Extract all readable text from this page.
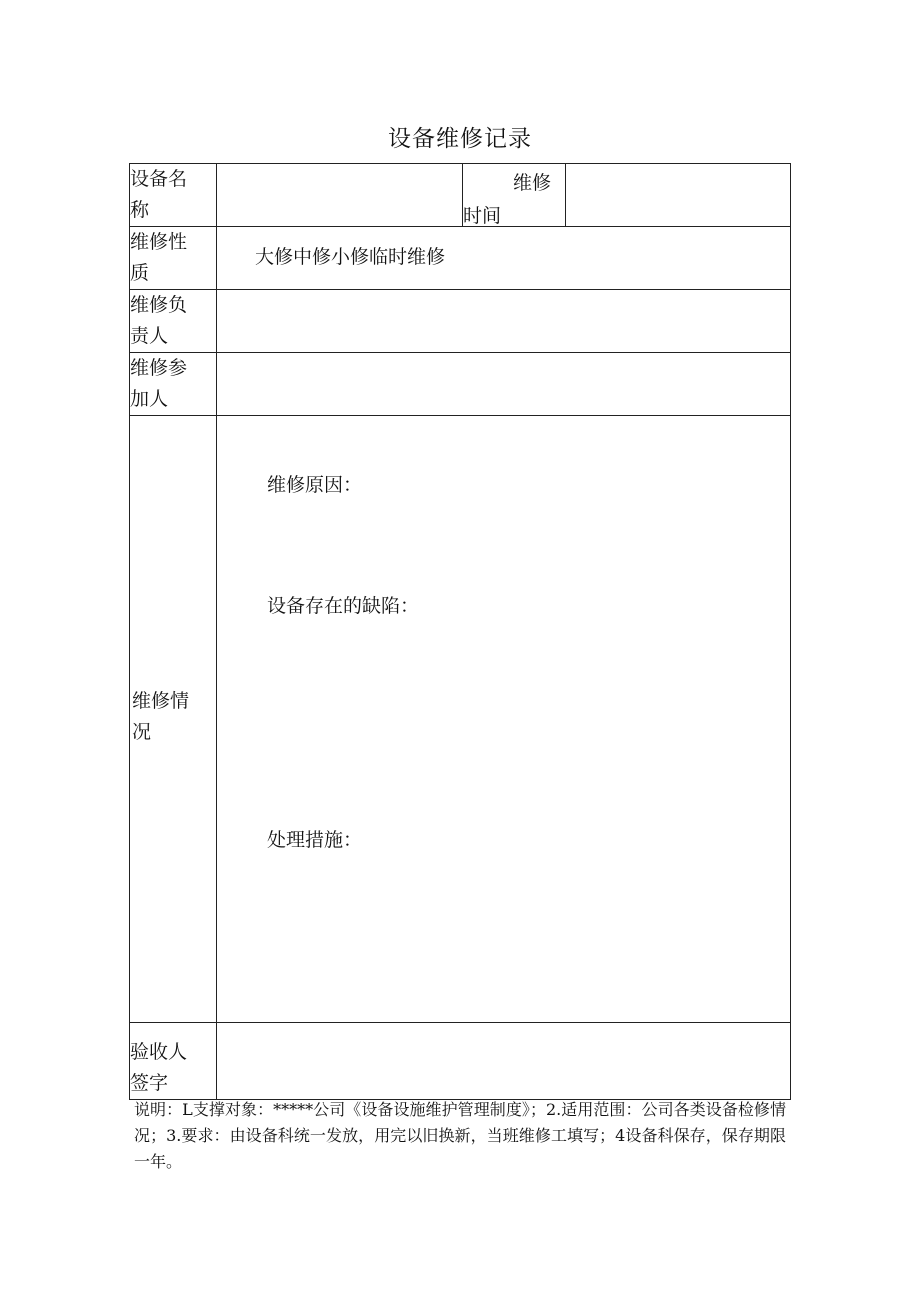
设备维修记录
设备名称		维修
时间	

维修性质	大修中修小修临时维修		

维修负责人			

维修参加人			

维修情况	维修原因：
设备存在的缺陷：
处理措施：		

验收人签字			

说明：L支撑对象：*****公司《设备设施维护管理制度》；2.适用范围：公司各类设备检修情况；3.要求：由设备科统一发放，用完以旧换新，当班维修工填写；4设备科保存，保存期限一年。
